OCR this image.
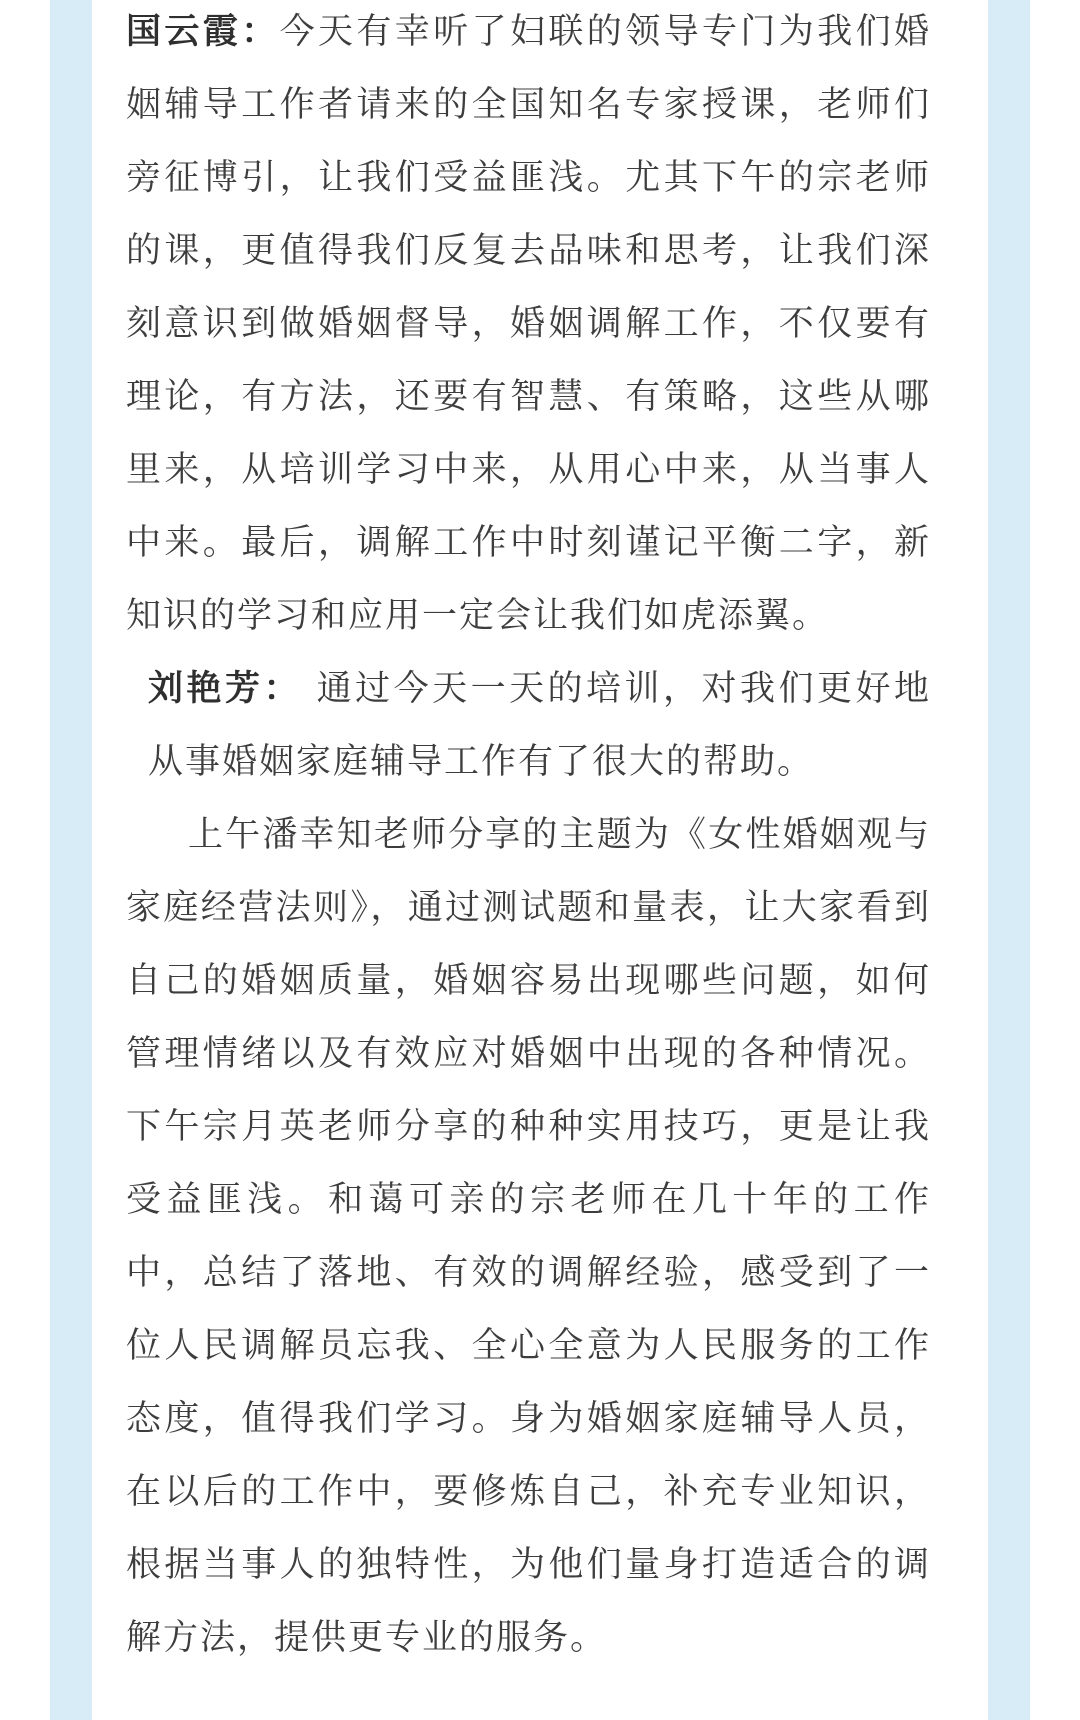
国云霞：今天有幸听了妇联的领导专门为我们婚姻辅导工作者请来的全国知名专家授课，老师们旁征博引，让我们受益匪浅。尤其下午的宗老师的课，更值得我们反复去品味和思考，让我们深刻意识到做婚姻督导，婚姻调解工作，不仅要有理论，有方法，还要有智慧、有策略，这些从哪里来，从培训学习中来，从用心中来，从当事人中来。最后，调解工作中时刻谨记平衡二字，新知识的学习和应用一定会让我们如虎添翼。

刘艳芳： 通过今天一天的培训，对我们更好地从事婚姻家庭辅导工作有了很大的帮助。

上午潘幸知老师分享的主题为《女性婚姻观与家庭经营法则》，通过测试题和量表，让大家看到自己的婚姻质量，婚姻容易出现哪些问题，如何管理情绪以及有效应对婚姻中出现的各种情况。下午宗月英老师分享的种种实用技巧，更是让我受益匪浅。和蔼可亲的宗老师在几十年的工作中，总结了落地、有效的调解经验，感受到了一位人民调解员忘我、全心全意为人民服务的工作态度，值得我们学习。身为婚姻家庭辅导人员，在以后的工作中，要修炼自己，补充专业知识，根据当事人的独特性，为他们量身打造适合的调解方法，提供更专业的服务。
